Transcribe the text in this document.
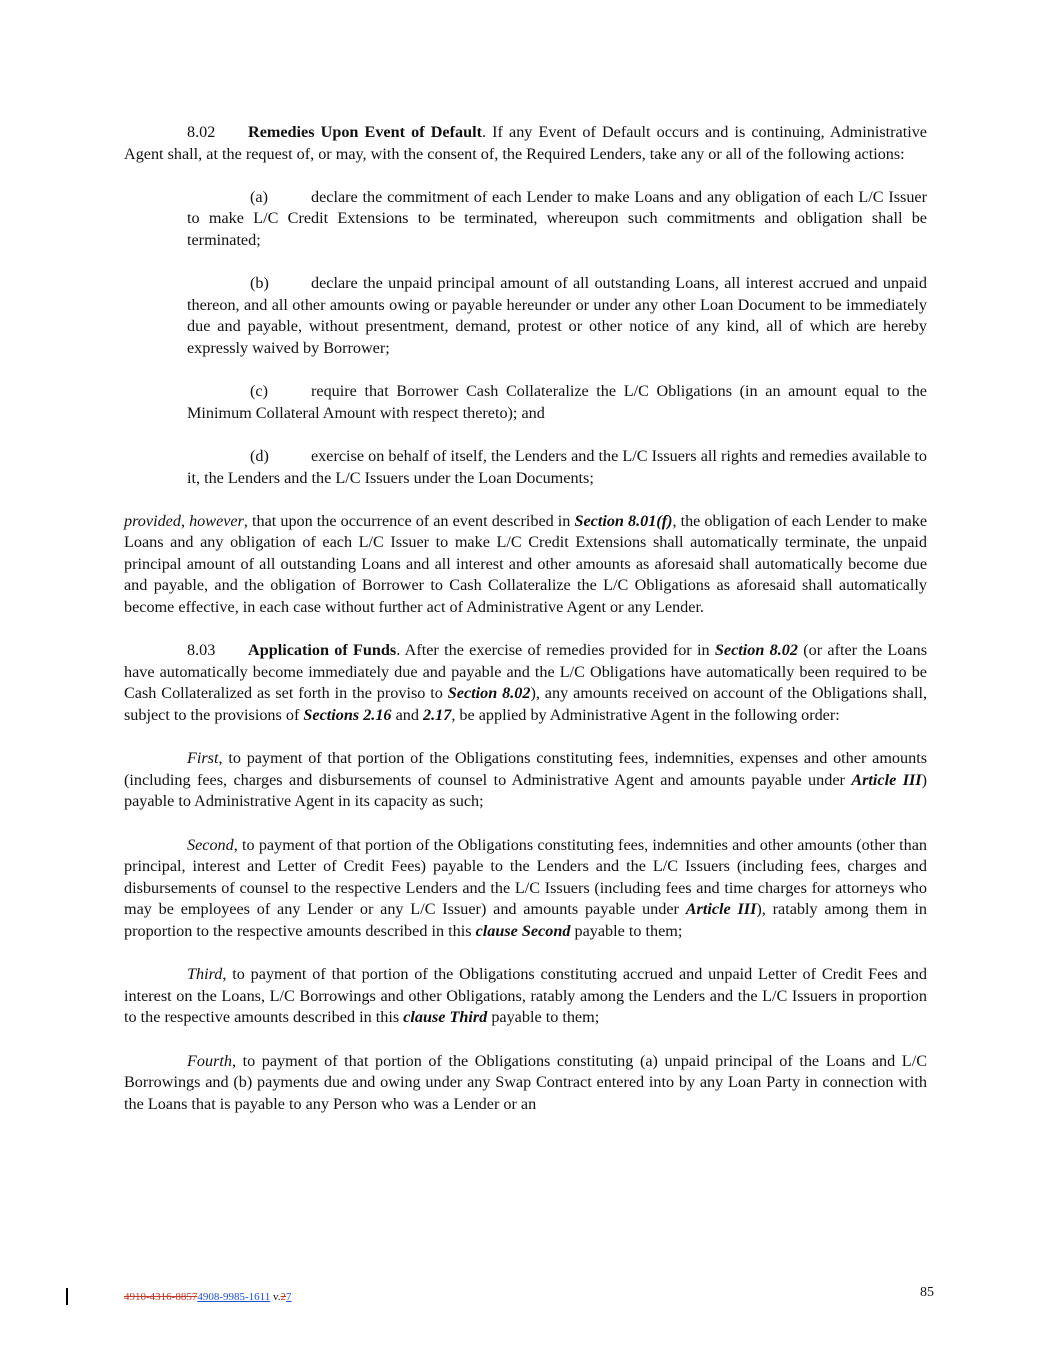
8.02 Remedies Upon Event of Default. If any Event of Default occurs and is continuing, Administrative Agent shall, at the request of, or may, with the consent of, the Required Lenders, take any or all of the following actions:

(a)	declare the commitment of each Lender to make Loans and any obligation of each L/C Issuer to make L/C Credit Extensions to be terminated, whereupon such commitments and obligation shall be terminated;

(b)	declare the unpaid principal amount of all outstanding Loans, all interest accrued and unpaid thereon, and all other amounts owing or payable hereunder or under any other Loan Document to be immediately due and payable, without presentment, demand, protest or other notice of any kind, all of which are hereby expressly waived by Borrower;

(c)	require that Borrower Cash Collateralize the L/C Obligations (in an amount equal to the Minimum Collateral Amount with respect thereto); and

(d)	exercise on behalf of itself, the Lenders and the L/C Issuers all rights and remedies available to it, the Lenders and the L/C Issuers under the Loan Documents;

provided, however, that upon the occurrence of an event described in Section 8.01(f), the obligation of each Lender to make Loans and any obligation of each L/C Issuer to make L/C Credit Extensions shall automatically terminate, the unpaid principal amount of all outstanding Loans and all interest and other amounts as aforesaid shall automatically become due and payable, and the obligation of Borrower to Cash Collateralize the L/C Obligations as aforesaid shall automatically become effective, in each case without further act of Administrative Agent or any Lender.

8.03 Application of Funds. After the exercise of remedies provided for in Section 8.02 (or after the Loans have automatically become immediately due and payable and the L/C Obligations have automatically been required to be Cash Collateralized as set forth in the proviso to Section 8.02), any amounts received on account of the Obligations shall, subject to the provisions of Sections 2.16 and 2.17, be applied by Administrative Agent in the following order:

First, to payment of that portion of the Obligations constituting fees, indemnities, expenses and other amounts (including fees, charges and disbursements of counsel to Administrative Agent and amounts payable under Article III) payable to Administrative Agent in its capacity as such;

Second, to payment of that portion of the Obligations constituting fees, indemnities and other amounts (other than principal, interest and Letter of Credit Fees) payable to the Lenders and the L/C Issuers (including fees, charges and disbursements of counsel to the respective Lenders and the L/C Issuers (including fees and time charges for attorneys who may be employees of any Lender or any L/C Issuer) and amounts payable under Article III), ratably among them in proportion to the respective amounts described in this clause Second payable to them;

Third, to payment of that portion of the Obligations constituting accrued and unpaid Letter of Credit Fees and interest on the Loans, L/C Borrowings and other Obligations, ratably among the Lenders and the L/C Issuers in proportion to the respective amounts described in this clause Third payable to them;

Fourth, to payment of that portion of the Obligations constituting (a) unpaid principal of the Loans and L/C Borrowings and (b) payments due and owing under any Swap Contract entered into by any Loan Party in connection with the Loans that is payable to any Person who was a Lender or an

4910-4316-88574908-9985-1611 v.27	85
